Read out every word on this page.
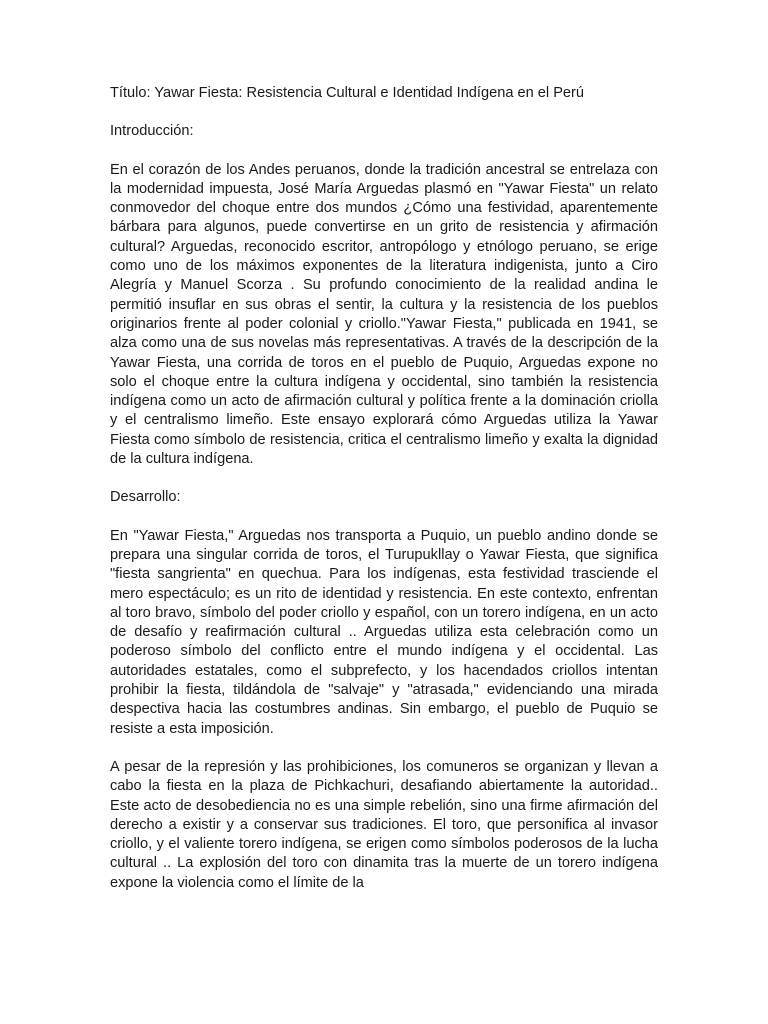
Título: Yawar Fiesta: Resistencia Cultural e Identidad Indígena en el Perú
Introducción:
En el corazón de los Andes peruanos, donde la tradición ancestral se entrelaza con la modernidad impuesta, José María Arguedas plasmó en "Yawar Fiesta" un relato conmovedor del choque entre dos mundos ¿Cómo una festividad, aparentemente bárbara para algunos, puede convertirse en un grito de resistencia y afirmación cultural? Arguedas, reconocido escritor, antropólogo y etnólogo peruano, se erige como uno de los máximos exponentes de la literatura indigenista, junto a Ciro Alegría y Manuel Scorza . Su profundo conocimiento de la realidad andina le permitió insuflar en sus obras el sentir, la cultura y la resistencia de los pueblos originarios frente al poder colonial y criollo."Yawar Fiesta," publicada en 1941, se alza como una de sus novelas más representativas. A través de la descripción de la Yawar Fiesta, una corrida de toros en el pueblo de Puquio, Arguedas expone no solo el choque entre la cultura indígena y occidental, sino también la resistencia indígena como un acto de afirmación cultural y política frente a la dominación criolla y el centralismo limeño. Este ensayo explorará cómo Arguedas utiliza la Yawar Fiesta como símbolo de resistencia, critica el centralismo limeño y exalta la dignidad de la cultura indígena.
Desarrollo:
En "Yawar Fiesta," Arguedas nos transporta a Puquio, un pueblo andino donde se prepara una singular corrida de toros, el Turupukllay o Yawar Fiesta, que significa "fiesta sangrienta" en quechua. Para los indígenas, esta festividad trasciende el mero espectáculo; es un rito de identidad y resistencia. En este contexto, enfrentan al toro bravo, símbolo del poder criollo y español, con un torero indígena, en un acto de desafío y reafirmación cultural .. Arguedas utiliza esta celebración como un poderoso símbolo del conflicto entre el mundo indígena y el occidental. Las autoridades estatales, como el subprefecto, y los hacendados criollos intentan prohibir la fiesta, tildándola de "salvaje" y "atrasada," evidenciando una mirada despectiva hacia las costumbres andinas. Sin embargo, el pueblo de Puquio se resiste a esta imposición.
A pesar de la represión y las prohibiciones, los comuneros se organizan y llevan a cabo la fiesta en la plaza de Pichkachuri, desafiando abiertamente la autoridad.. Este acto de desobediencia no es una simple rebelión, sino una firme afirmación del derecho a existir y a conservar sus tradiciones. El toro, que personifica al invasor criollo, y el valiente torero indígena, se erigen como símbolos poderosos de la lucha cultural .. La explosión del toro con dinamita tras la muerte de un torero indígena expone la violencia como el límite de la
